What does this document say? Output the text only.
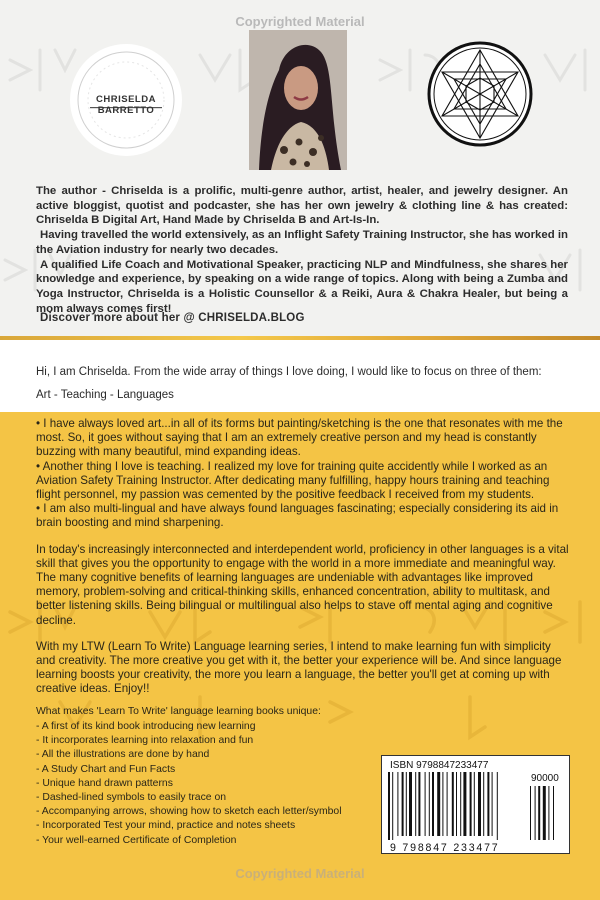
Copyrighted Material
CHRISELDA BARRETTO

The author - Chriselda is a prolific, multi-genre author, artist, healer, and jewelry designer. An active bloggist, quotist and podcaster, she has her own jewelry & clothing line & has created: Chriselda B Digital Art, Hand Made by Chriselda B and Art-Is-In.

Having travelled the world extensively, as an Inflight Safety Training Instructor, she has worked in the Aviation industry for nearly two decades.

A qualified Life Coach and Motivational Speaker, practicing NLP and Mindfulness, she shares her knowledge and experience, by speaking on a wide range of topics. Along with being a Zumba and Yoga Instructor, Chriselda is a Holistic Counsellor & a Reiki, Aura & Chakra Healer, but being a mom always comes first!

Discover more about her @ CHRISELDA.BLOG
Hi, I am Chriselda. From the wide array of things I love doing, I would like to focus on three of them:
Art - Teaching - Languages

• I have always loved art...in all of its forms but painting/sketching is the one that resonates with me the most. So, it goes without saying that I am an extremely creative person and my head is constantly buzzing with many beautiful, mind expanding ideas.

• Another thing I love is teaching. I realized my love for training quite accidently while I worked as an Aviation Safety Training Instructor. After dedicating many fulfilling, happy hours training and teaching flight personnel, my passion was cemented by the positive feedback I received from my students.

• I am also multi-lingual and have always found languages fascinating; especially considering its aid in brain boosting and mind sharpening.

In today's increasingly interconnected and interdependent world, proficiency in other languages is a vital skill that gives you the opportunity to engage with the world in a more immediate and meaningful way. The many cognitive benefits of learning languages are undeniable with advantages like improved memory, problem-solving and critical-thinking skills, enhanced concentration, ability to multitask, and better listening skills. Being bilingual or multilingual also helps to stave off mental aging and cognitive decline.

With my LTW (Learn To Write) Language learning series, I intend to make learning fun with simplicity and creativity. The more creative you get with it, the better your experience will be. And since language learning boosts your creativity, the more you learn a language, the better you'll get at coming up with creative ideas. Enjoy!!

What makes 'Learn To Write' language learning books unique:
- A first of its kind book introducing new learning
- It incorporates learning into relaxation and fun
- All the illustrations are done by hand
- A Study Chart and Fun Facts
- Unique hand drawn patterns
- Dashed-lined symbols to easily trace on
- Accompanying arrows, showing how to sketch each letter/symbol
- Incorporated Test your mind, practice and notes sheets
- Your well-earned Certificate of Completion
ISBN 9798847233477
90000
9 798847 233477
Copyrighted Material
